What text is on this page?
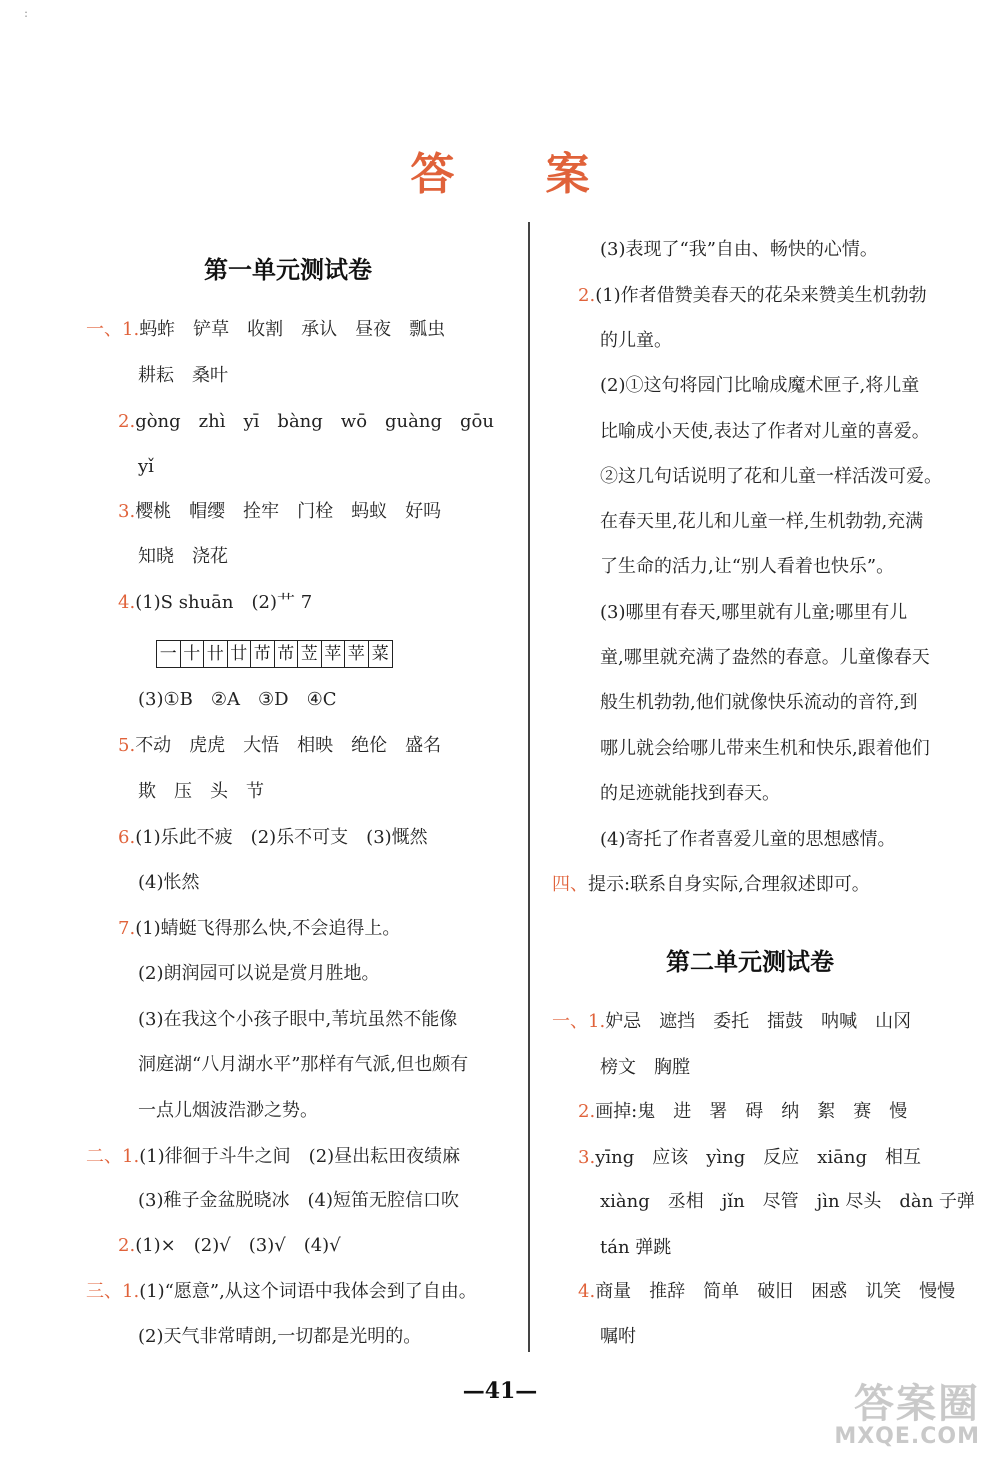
:
答 案
第一单元测试卷
一、1.蚂蚱　铲草　收割　承认　昼夜　瓢虫
耕耘　桑叶
2.gòng　zhì　yī　bàng　wō　guàng　gōu
yǐ
3.樱桃　帽缨　拴牢　门栓　蚂蚁　好吗
知晓　浇花
4.(1)S shuān　(2)艹 7
(3)①B　②A　③D　④C
5.不动　虎虎　大悟　相映　绝伦　盛名
欺　压　头　节
6.(1)乐此不疲　(2)乐不可支　(3)慨然
(4)怅然
7.(1)蜻蜓飞得那么快,不会追得上。
(2)朗润园可以说是赏月胜地。
(3)在我这个小孩子眼中,苇坑虽然不能像
洞庭湖“八月湖水平”那样有气派,但也颇有
一点儿烟波浩渺之势。
二、1.(1)徘徊于斗牛之间　(2)昼出耘田夜绩麻
(3)稚子金盆脱晓冰　(4)短笛无腔信口吹
2.(1)×　(2)√　(3)√　(4)√
三、1.(1)“愿意”,从这个词语中我体会到了自由。
(2)天气非常晴朗,一切都是光明的。
一 十 卄 廿 芇 芇 苙 苹 苹 菜
(3)表现了“我”自由、畅快的心情。
2.(1)作者借赞美春天的花朵来赞美生机勃勃
的儿童。
(2)①这句将园门比喻成魔术匣子,将儿童
比喻成小天使,表达了作者对儿童的喜爱。
②这几句话说明了花和儿童一样活泼可爱。
在春天里,花儿和儿童一样,生机勃勃,充满
了生命的活力,让“别人看着也快乐”。
(3)哪里有春天,哪里就有儿童;哪里有儿
童,哪里就充满了盎然的春意。儿童像春天
般生机勃勃,他们就像快乐流动的音符,到
哪儿就会给哪儿带来生机和快乐,跟着他们
的足迹就能找到春天。
(4)寄托了作者喜爱儿童的思想感情。
四、提示:联系自身实际,合理叙述即可。
第二单元测试卷
一、1.妒忌　遮挡　委托　擂鼓　呐喊　山冈
榜文　胸膛
2.画掉:鬼　进　署　碍　纳　絮　赛　慢
3.yīng　应该　yìng　反应　xiāng　相互
xiàng　丞相　jǐn　尽管　jìn 尽头　dàn 子弹
tán 弹跳
4.商量　推辞　简单　破旧　困惑　讥笑　慢慢
嘱咐
—41—	答案圈
MXQE.COM
